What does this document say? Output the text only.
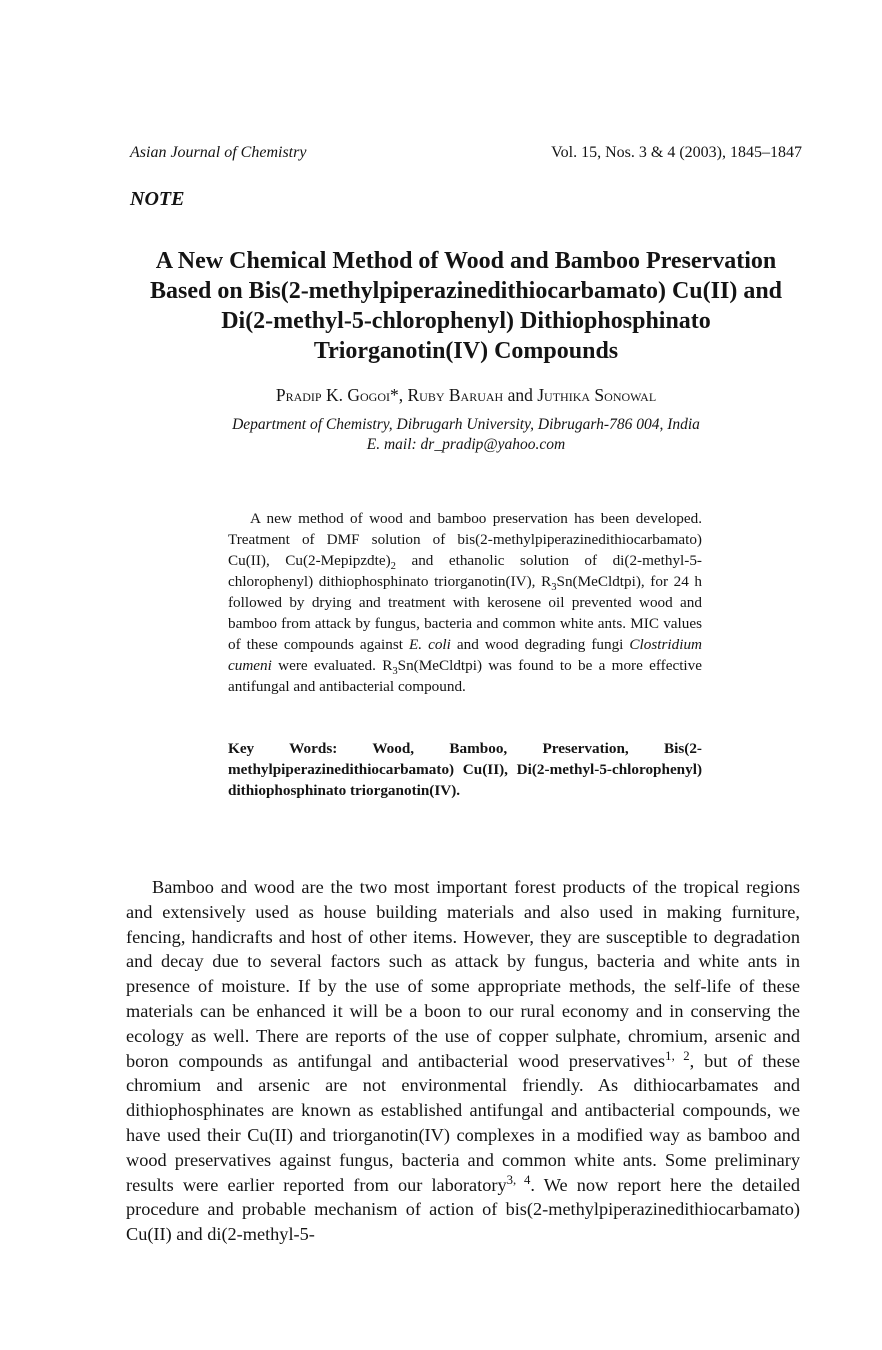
Asian Journal of Chemistry	Vol. 15, Nos. 3 & 4 (2003), 1845–1847
NOTE
A New Chemical Method of Wood and Bamboo Preservation
Based on Bis(2-methylpiperazinedithiocarbamato) Cu(II) and
Di(2-methyl-5-chlorophenyl) Dithiophosphinato
Triorganotin(IV) Compounds
Pradip K. Gogoi*, Ruby Baruah and Juthika Sonowal
Department of Chemistry, Dibrugarh University, Dibrugarh-786 004, India
E. mail: dr_pradip@yahoo.com

A new method of wood and bamboo preservation has been developed. Treatment of DMF solution of bis(2-methylpiperazinedithiocarbamato) Cu(II), $Cu(2-Mepipzdte)_2$ and ethanolic solution of di(2-methyl-5-chlorophenyl) dithiophosphinato triorganotin(IV), $R_3Sn(MeCldtpi)$, for 24 h followed by drying and treatment with kerosene oil prevented wood and bamboo from attack by fungus, bacteria and common white ants. MIC values of these compounds against E. coli and wood degrading fungi Clostridium cumeni were evaluated. $R_3Sn(MeCldtpi)$ was found to be a more effective antifungal and antibacterial compound.

Key Words: Wood, Bamboo, Preservation, Bis(2-methylpiperazinedithiocarbamato) Cu(II), Di(2-methyl-5-chlorophenyl) dithiophosphinato triorganotin(IV).

Bamboo and wood are the two most important forest products of the tropical regions and extensively used as house building materials and also used in making furniture, fencing, handicrafts and host of other items. However, they are susceptible to degradation and decay due to several factors such as attack by fungus, bacteria and white ants in presence of moisture. If by the use of some appropriate methods, the self-life of these materials can be enhanced it will be a boon to our rural economy and in conserving the ecology as well. There are reports of the use of copper sulphate, chromium, arsenic and boron compounds as antifungal and antibacterial wood preservatives$^{1, 2}$, but of these chromium and arsenic are not environmental friendly. As dithiocarbamates and dithiophosphinates are known as established antifungal and antibacterial compounds, we have used their Cu(II) and triorganotin(IV) complexes in a modified way as bamboo and wood preservatives against fungus, bacteria and common white ants. Some preliminary results were earlier reported from our laboratory$^{3, 4}$. We now report here the detailed procedure and probable mechanism of action of bis(2-methylpiperazinedithiocarbamato) Cu(II) and di(2-methyl-5-
